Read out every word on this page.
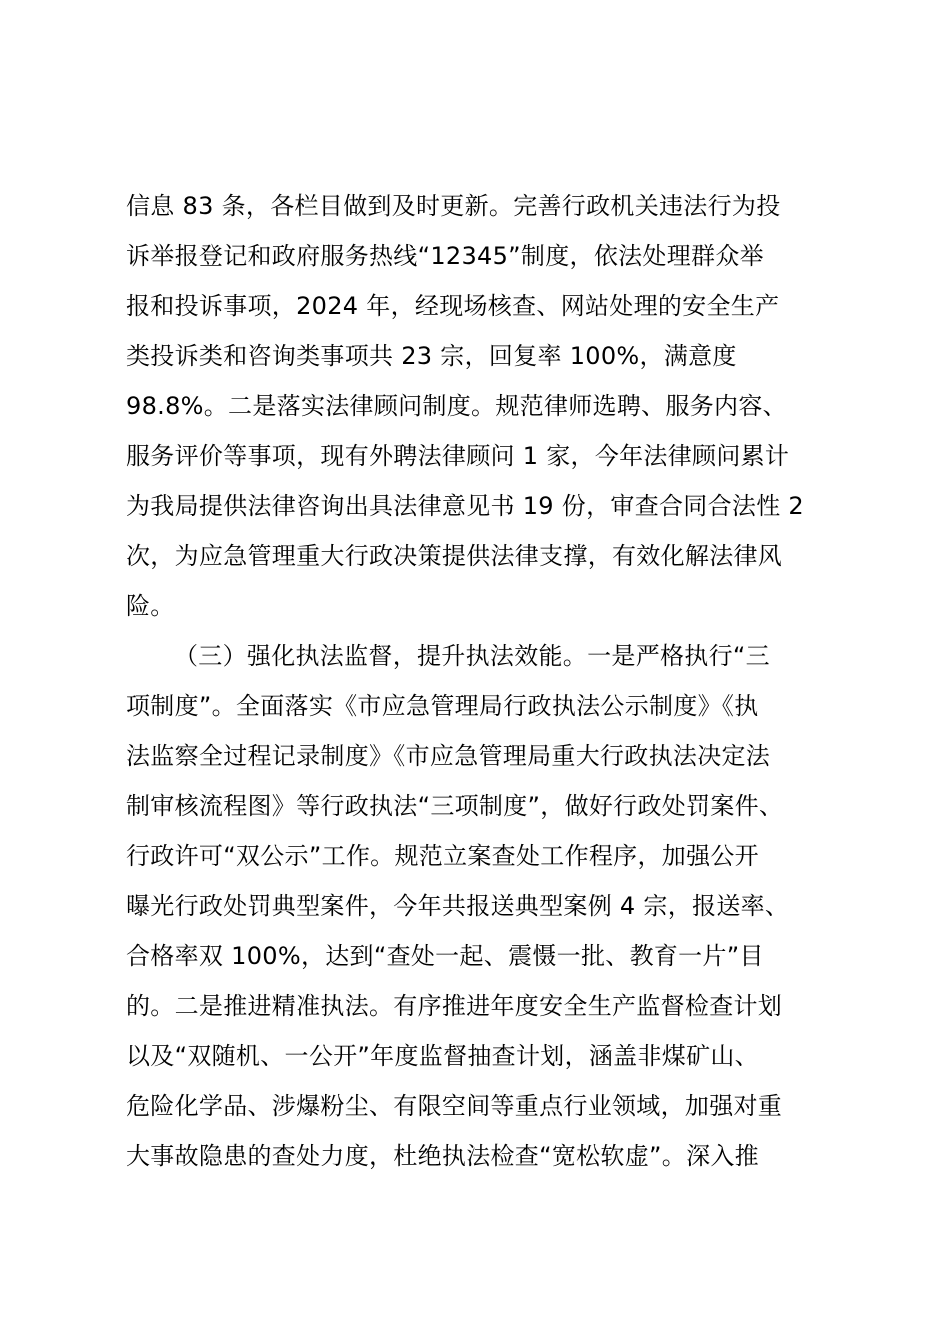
信息 83 条，各栏目做到及时更新。完善行政机关违法行为投
诉举报登记和政府服务热线“12345”制度，依法处理群众举
报和投诉事项，2024 年，经现场核查、网站处理的安全生产
类投诉类和咨询类事项共 23 宗，回复率 100%，满意度
98.8%。二是落实法律顾问制度。规范律师选聘、服务内容、
服务评价等事项，现有外聘法律顾问 1 家，今年法律顾问累计
为我局提供法律咨询出具法律意见书 19 份，审查合同合法性 2
次，为应急管理重大行政决策提供法律支撑，有效化解法律风
险。
（三）强化执法监督，提升执法效能。一是严格执行“三
项制度”。全面落实《市应急管理局行政执法公示制度》《执
法监察全过程记录制度》《市应急管理局重大行政执法决定法
制审核流程图》等行政执法“三项制度”，做好行政处罚案件、
行政许可“双公示”工作。规范立案查处工作程序，加强公开
曝光行政处罚典型案件，今年共报送典型案例 4 宗，报送率、
合格率双 100%，达到“查处一起、震慑一批、教育一片”目
的。二是推进精准执法。有序推进年度安全生产监督检查计划
以及“双随机、一公开”年度监督抽查计划，涵盖非煤矿山、
危险化学品、涉爆粉尘、有限空间等重点行业领域，加强对重
大事故隐患的查处力度，杜绝执法检查“宽松软虚”。深入推
